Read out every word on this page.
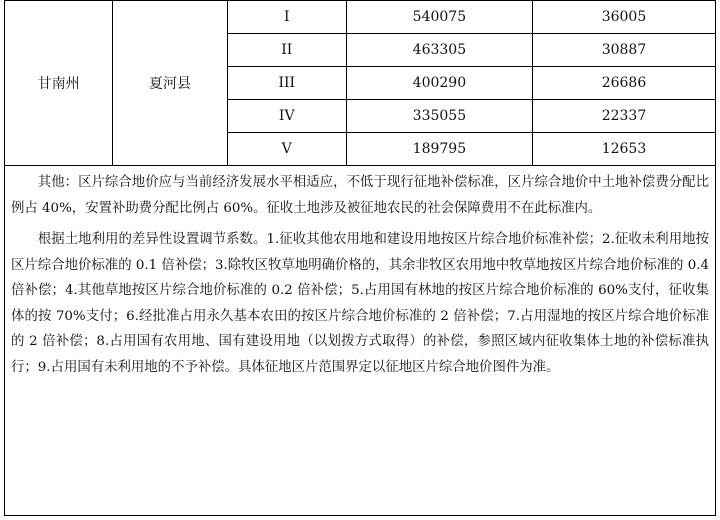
甘南州	夏河县	I	540075	36005
		II	463305	30887
		III	400290	26686
		IV	335055	22337
		V	189795	12653

其他：区片综合地价应与当前经济发展水平相适应，不低于现行征地补偿标准，区片综合地价中土地补偿费分配比例占 40%，安置补助费分配比例占 60%。征收土地涉及被征地农民的社会保障费用不在此标准内。

根据土地利用的差异性设置调节系数。1.征收其他农用地和建设用地按区片综合地价标准补偿；2.征收未利用地按区片综合地价标准的 0.1 倍补偿；3.除牧区牧草地明确价格的，其余非牧区农用地中牧草地按区片综合地价标准的 0.4 倍补偿；4.其他草地按区片综合地价标准的 0.2 倍补偿；5.占用国有林地的按区片综合地价标准的 60%支付，征收集体的按 70%支付；6.经批准占用永久基本农田的按区片综合地价标准的 2 倍补偿；7.占用湿地的按区片综合地价标准的 2 倍补偿；8.占用国有农用地、国有建设用地（以划拨方式取得）的补偿，参照区域内征收集体土地的补偿标准执行；9.占用国有未利用地的不予补偿。具体征地区片范围界定以征地区片综合地价图件为准。
